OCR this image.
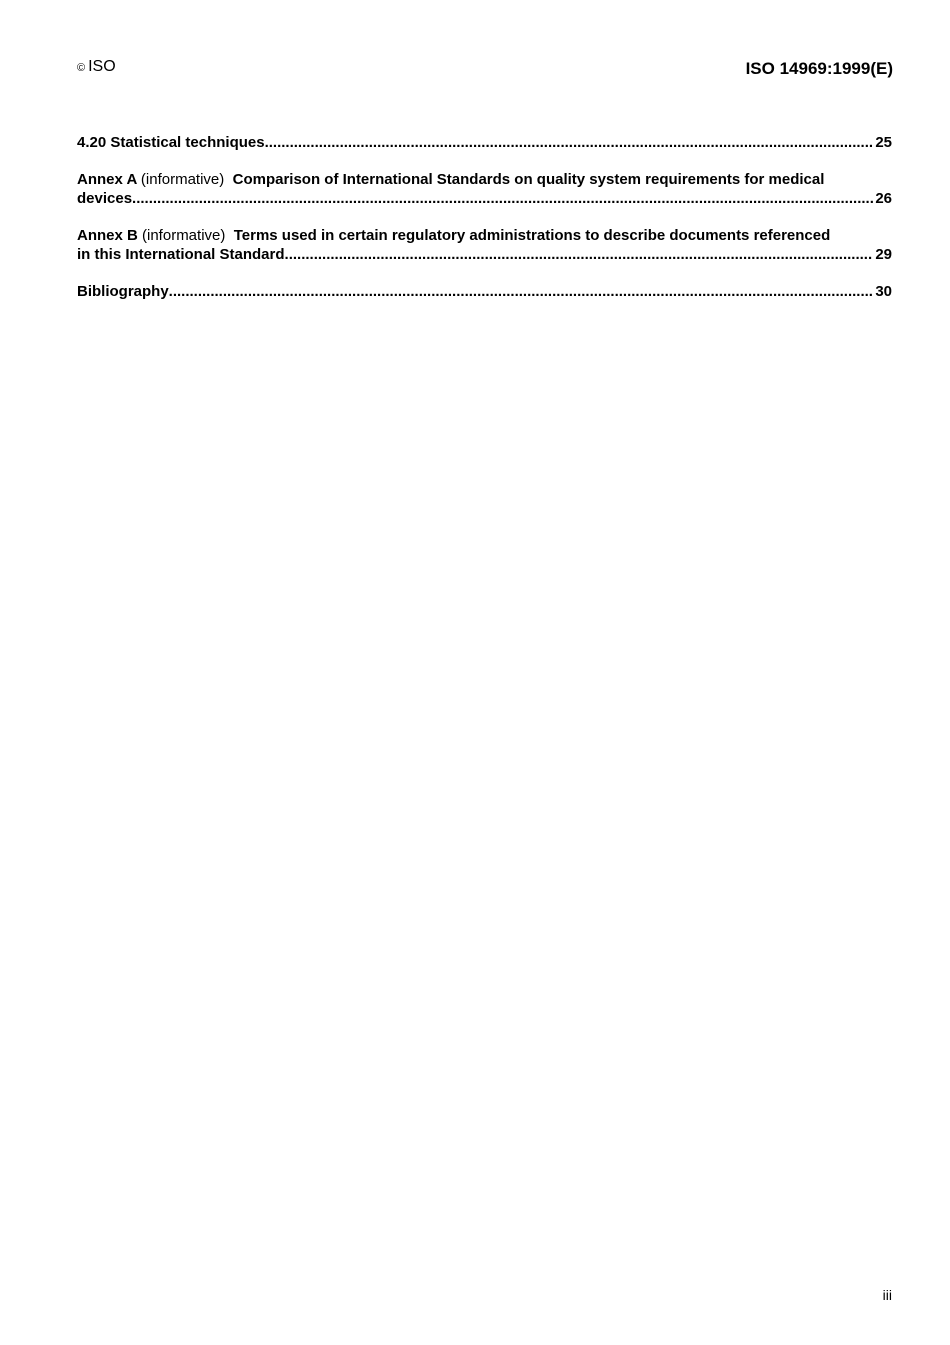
© ISO	ISO 14969:1999(E)
4.20 Statistical techniques .....	25
Annex A (informative) Comparison of International Standards on quality system requirements for medical
devices .....	26
Annex B (informative) Terms used in certain regulatory administrations to describe documents referenced
in this International Standard .....	29
Bibliography .....	30
iii
